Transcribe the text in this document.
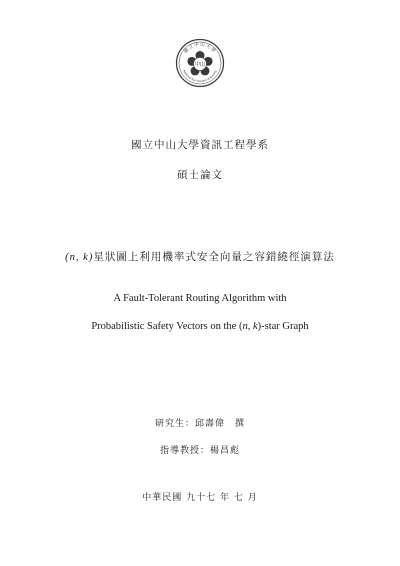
國立中山大學
National Sun Yat-sen University
中山
國立中山大學資訊工程學系
碩士論文
(n, k)星狀圖上利用機率式安全向量之容錯繞徑演算法
A Fault-Tolerant Routing Algorithm with
Probabilistic Safety Vectors on the (n, k)-star Graph
研究生：邱壽偉　撰
指導教授：楊昌彪
中華民國 九十七 年 七 月
